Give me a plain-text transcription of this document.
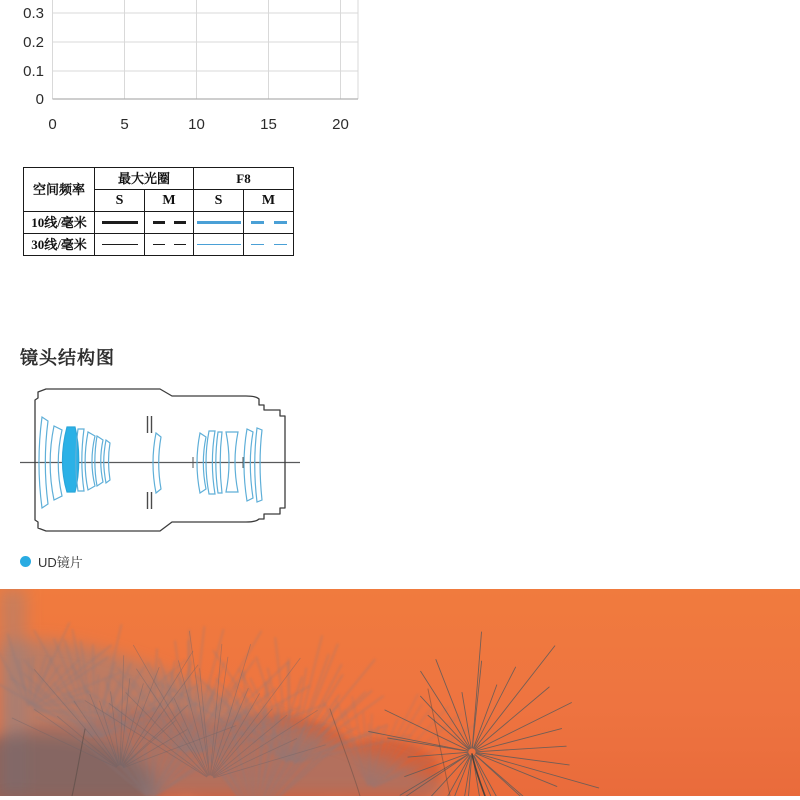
0.3
0.2
0.1
0
0	5	10	15	20
空间频率	最大光圈		F8	
	S	M	S	M
10线/毫米	

30线/毫米	

镜头结构图
UD镜片
